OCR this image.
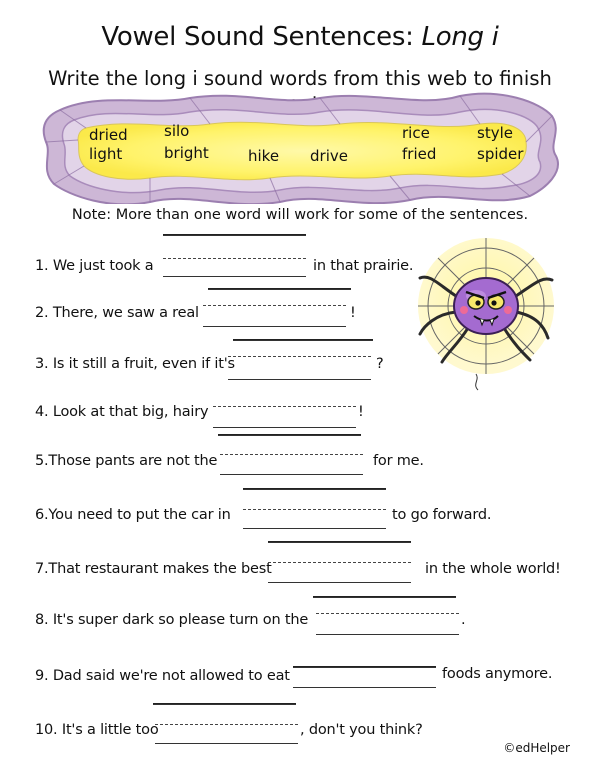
Vowel Sound Sentences: Long i
Write the long i sound words from this web to finish
dried silo	rice	style
light	bright	hike drive	fried	spider
Note: More than one word will work for some of the sentences.
1. We just took a	in that prairie.
2. There, we saw a real	!
3. Is it still a fruit, even if it's	?
4. Look at that big, hairy	!
5.Those pants are not the	for me.
6.You need to put the car in	to go forward.
7.That restaurant makes the best	in the whole world!
8. It's super dark so please turn on the	.
9. Dad said we're not allowed to eat	foods anymore.
10. It's a little too	, don't you think?
©edHelper
